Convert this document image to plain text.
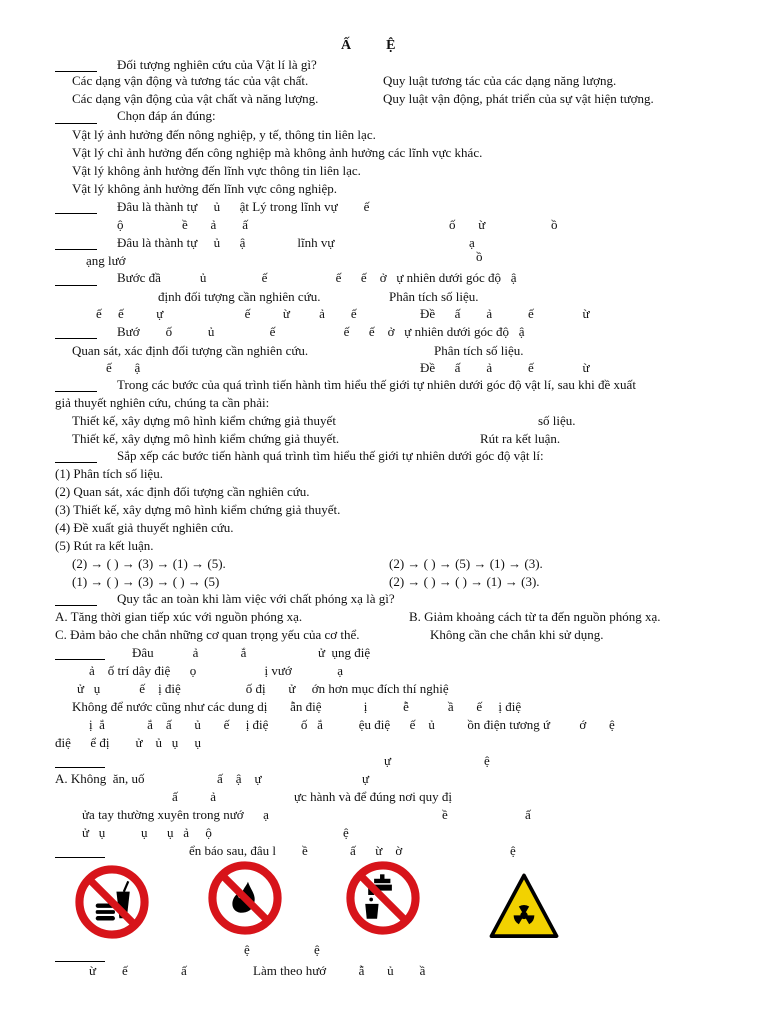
Ấ          Ệ
Đối tượng nghiên cứu của Vật lí là gì?
Các dạng vận động và tương tác của vật chất.	Quy luật tương tác của các dạng năng lượng.
Các dạng vận động của vật chất và năng lượng.	Quy luật vận động, phát triển của sự vật hiện tượng.
Chọn đáp án đúng:
Vật lý ảnh hưởng đến nông nghiệp, y tế, thông tin liên lạc.
Vật lý chỉ ảnh hưởng đến công nghiệp mà không ảnh hưởng các lĩnh vực khác.
Vật lý không ảnh hưởng đến lĩnh vực thông tin liên lạc.
Vật lý không ảnh hưởng đến lĩnh vực công nghiệp.
Đâu là thành tự     ủ      ật Lý trong lĩnh vự        ế
ộ                  ề       ả        ấ	ố       ừ	ồ
Đâu là thành tự     ủ      ậ                lĩnh vự	ạ
ạng lướ	ồ
Bước đầ            ủ                 ế                     ế      ế    ở   ự nhiên dưới góc độ   ậ
định đối tượng cần nghiên cứu.	Phân tích số liệu.
ế     ế          ự                         ế          ừ         ả        ế	Đề      ấ        ả           ế               ừ
Bướ        ố           ủ                 ế                     ế      ế    ở   ự nhiên dưới góc độ   ậ
Quan sát, xác định đối tượng cần nghiên cứu.	Phân tích số liệu.
ế       ậ	Đề      ấ        ả           ế               ừ
Trong các bước của quá trình tiến hành tìm hiểu thế giới tự nhiên dưới góc độ vật lí, sau khi đề xuất
giả thuyết nghiên cứu, chúng ta cần phải:
Thiết kế, xây dựng mô hình kiểm chứng giả thuyết	số liệu.
Thiết kế, xây dựng mô hình kiểm chứng giả thuyết.	Rút ra kết luận.
Sắp xếp các bước tiến hành quá trình tìm hiểu thế giới tự nhiên dưới góc độ vật lí:
(1) Phân tích số liệu.
(2) Quan sát, xác định đối tượng cần nghiên cứu.
(3) Thiết kế, xây dựng mô hình kiểm chứng giả thuyết.
(4) Đề xuất giả thuyết nghiên cứu.
(5) Rút ra kết luận.
(2) → ( ) → (3) → (1) → (5).	(2) → ( ) → (5) → (1) → (3).
(1) → ( ) → (3) → ( ) → (5)	(2) → ( ) → ( ) → (1) → (3).
Quy tắc an toàn khi làm việc với chất phóng xạ là gì?
A. Tăng thời gian tiếp xúc với nguồn phóng xạ.	B. Giảm khoảng cách từ ta đến nguồn phóng xạ.
C. Đảm bảo che chắn những cơ quan trọng yếu của cơ thể.	Không cần che chắn khi sử dụng.
Đâu            ả             ắ                      ử  ụng điệ
ả    ố trí dây điệ      ọ                     ị vướ              ạ
ử   ụ            ế    ị điệ                    ố đị       ử     ớn hơn mục đích thí nghiệ
Không để nước cũng như các dung dị       ẫn điệ             ị           ễ            ầ       ế     ị điệ
ị  ắ             ắ    ấ       ủ       ế     ị điệ          ố   ắ           ệu điệ      ế    ủ          ồn điện tương ứ         ớ       ệ
điệ      ể đị        ử    ủ   ụ     ụ
ự	ệ
A. Không  ăn, uố	ấ    ậ    ự	ự
ấ          ả	ực hành và để đúng nơi quy đị
ửa tay thường xuyên trong nướ      ạ	ề	ấ
ử   ụ           ụ      ụ   ả     ộ	ệ
ển báo sau, đâu l        ề             ấ      ừ    ờ	ệ
ệ	ệ
ừ        ế	ấ	Làm theo hướ          ẫ       ủ        ầ
